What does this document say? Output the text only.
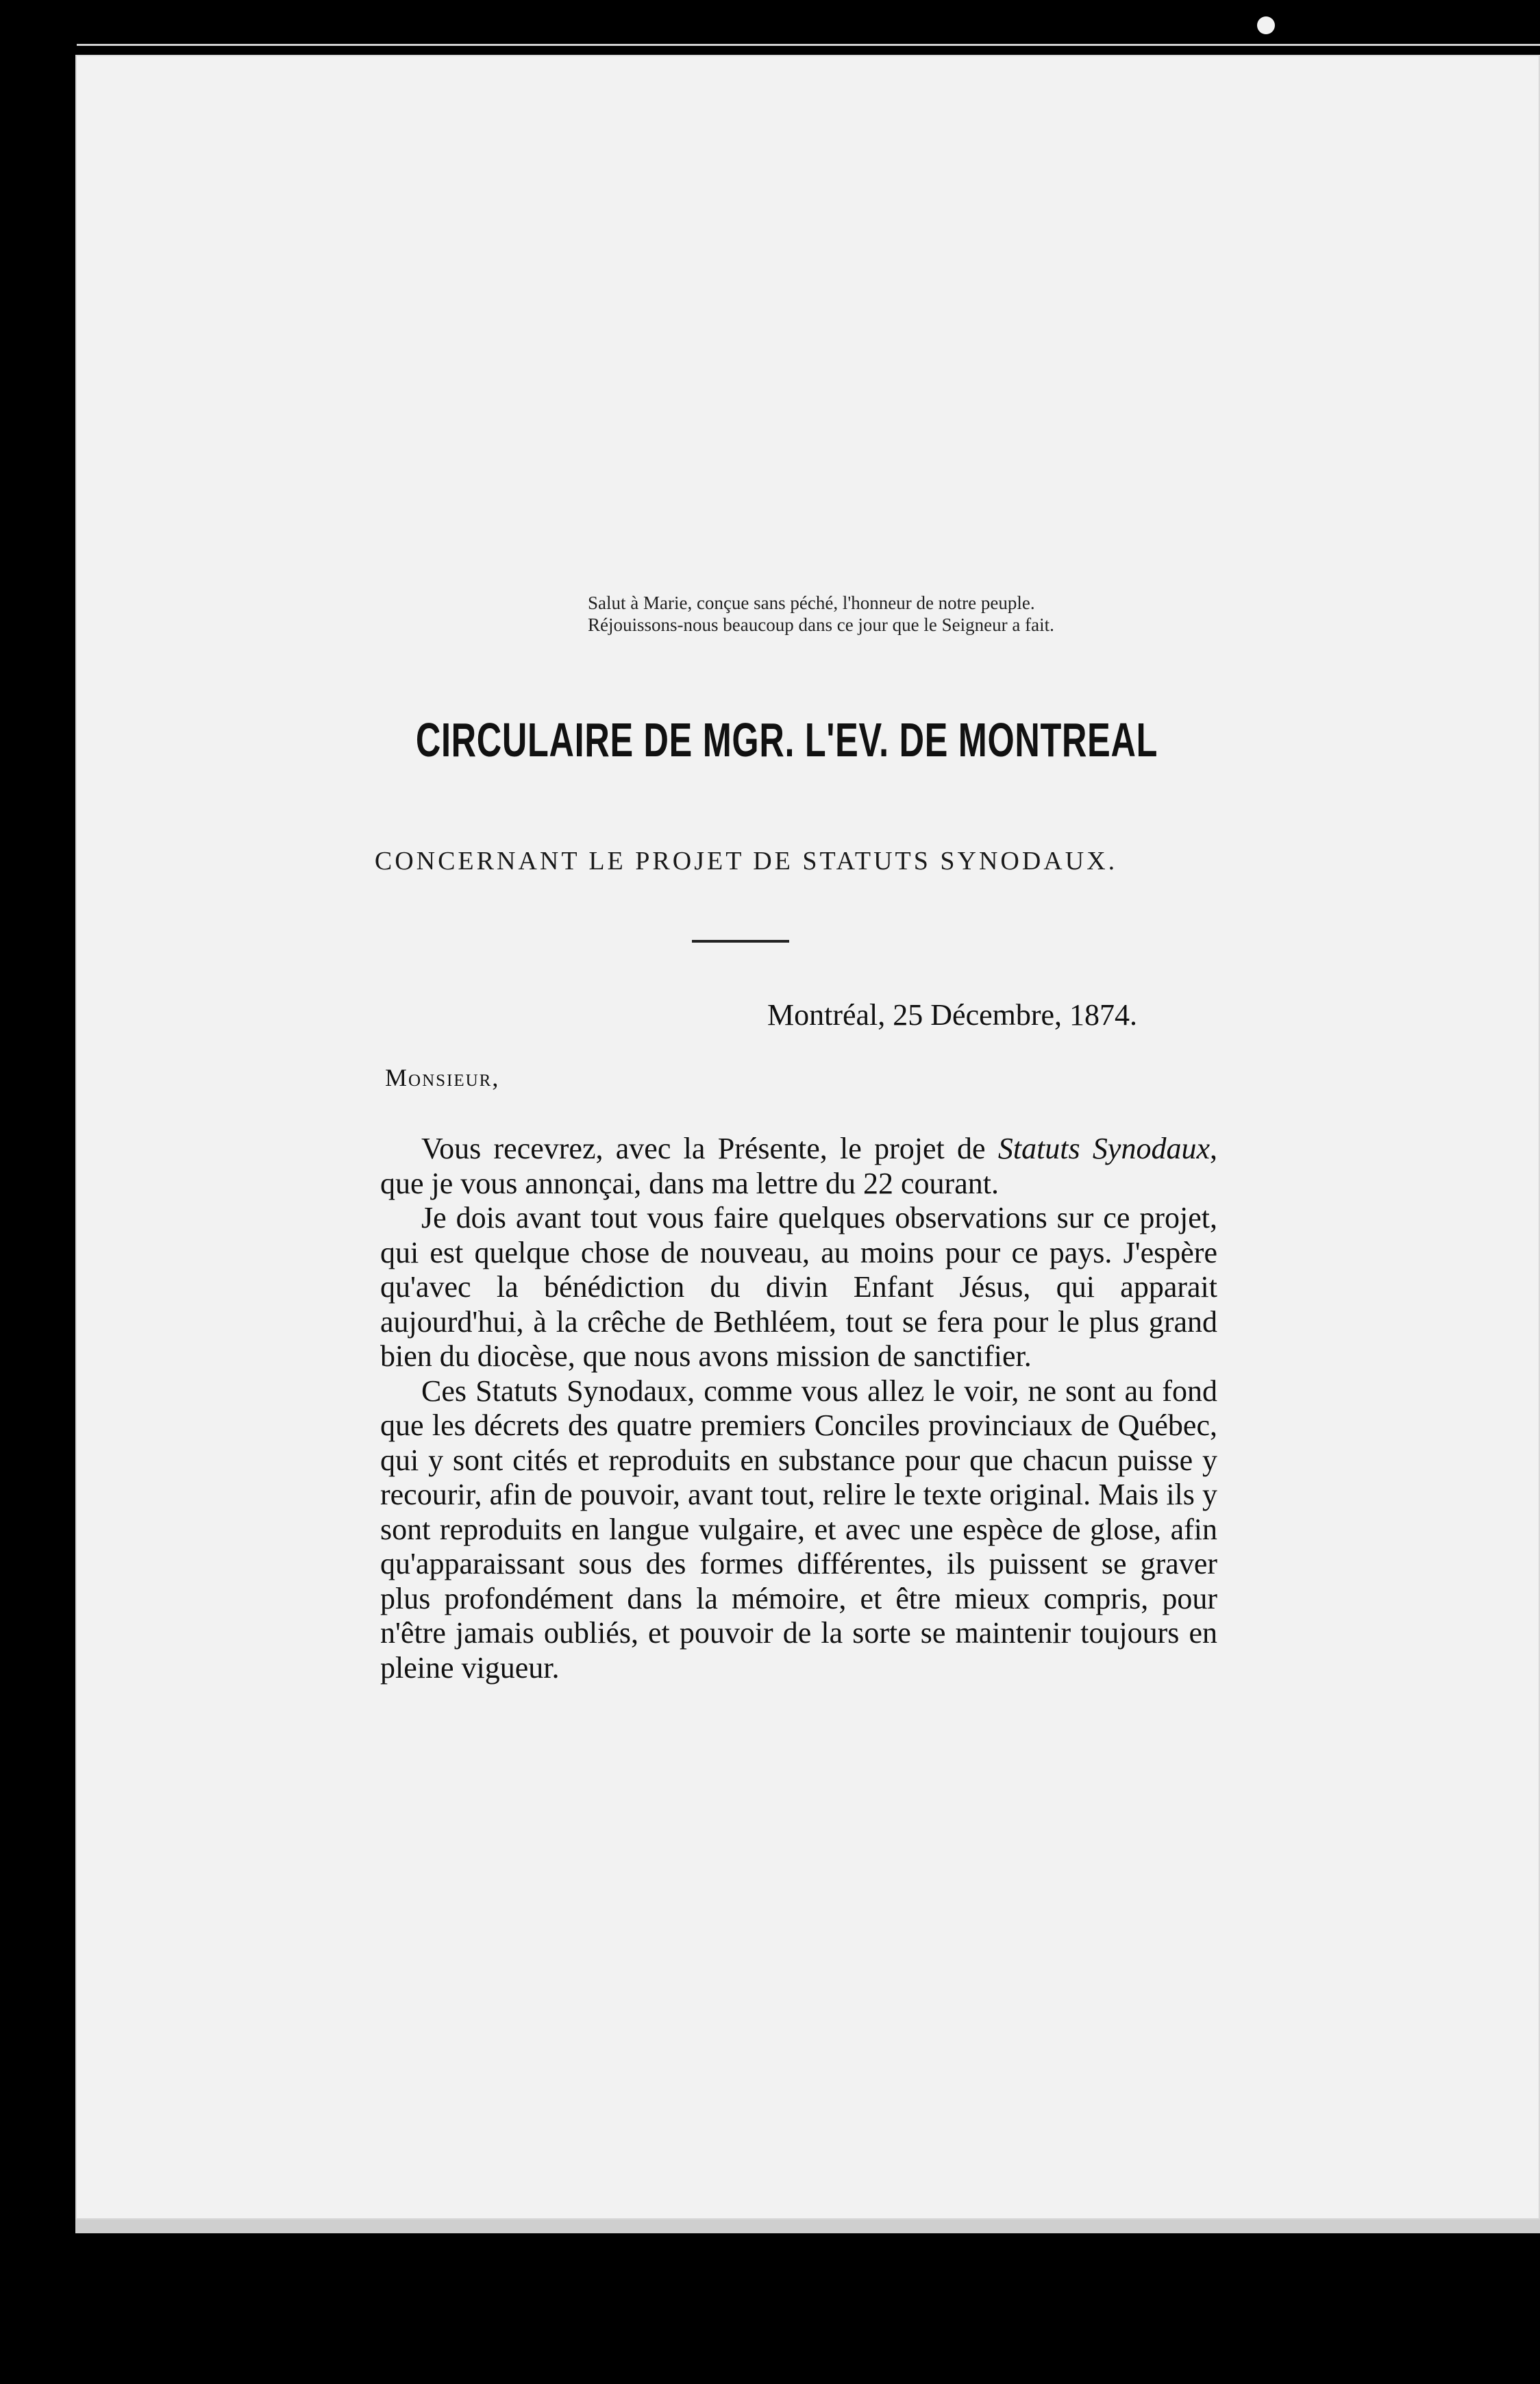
Salut à Marie, conçue sans péché, l'honneur de notre peuple.

Réjouissons-nous beaucoup dans ce jour que le Seigneur a fait.

CIRCULAIRE DE MGR. L'EV. DE MONTREAL
CONCERNANT LE PROJET DE STATUTS SYNODAUX.
Montréal, 25 Décembre, 1874.
Monsieur,

Vous recevrez, avec la Présente, le projet de Statuts Synodaux, que je vous annonçai, dans ma lettre du 22 courant.

Je dois avant tout vous faire quelques observations sur ce projet, qui est quelque chose de nouveau, au moins pour ce pays. J'espère qu'avec la bénédiction du divin Enfant Jésus, qui apparait aujourd'hui, à la crêche de Bethléem, tout se fera pour le plus grand bien du diocèse, que nous avons mission de sanctifier.

Ces Statuts Synodaux, comme vous allez le voir, ne sont au fond que les décrets des quatre premiers Conciles provinciaux de Québec, qui y sont cités et reproduits en substance pour que chacun puisse y recourir, afin de pouvoir, avant tout, relire le texte original. Mais ils y sont reproduits en langue vulgaire, et avec une espèce de glose, afin qu'apparaissant sous des formes différentes, ils puissent se graver plus profondément dans la mémoire, et être mieux compris, pour n'être jamais oubliés, et pouvoir de la sorte se maintenir toujours en pleine vigueur.
